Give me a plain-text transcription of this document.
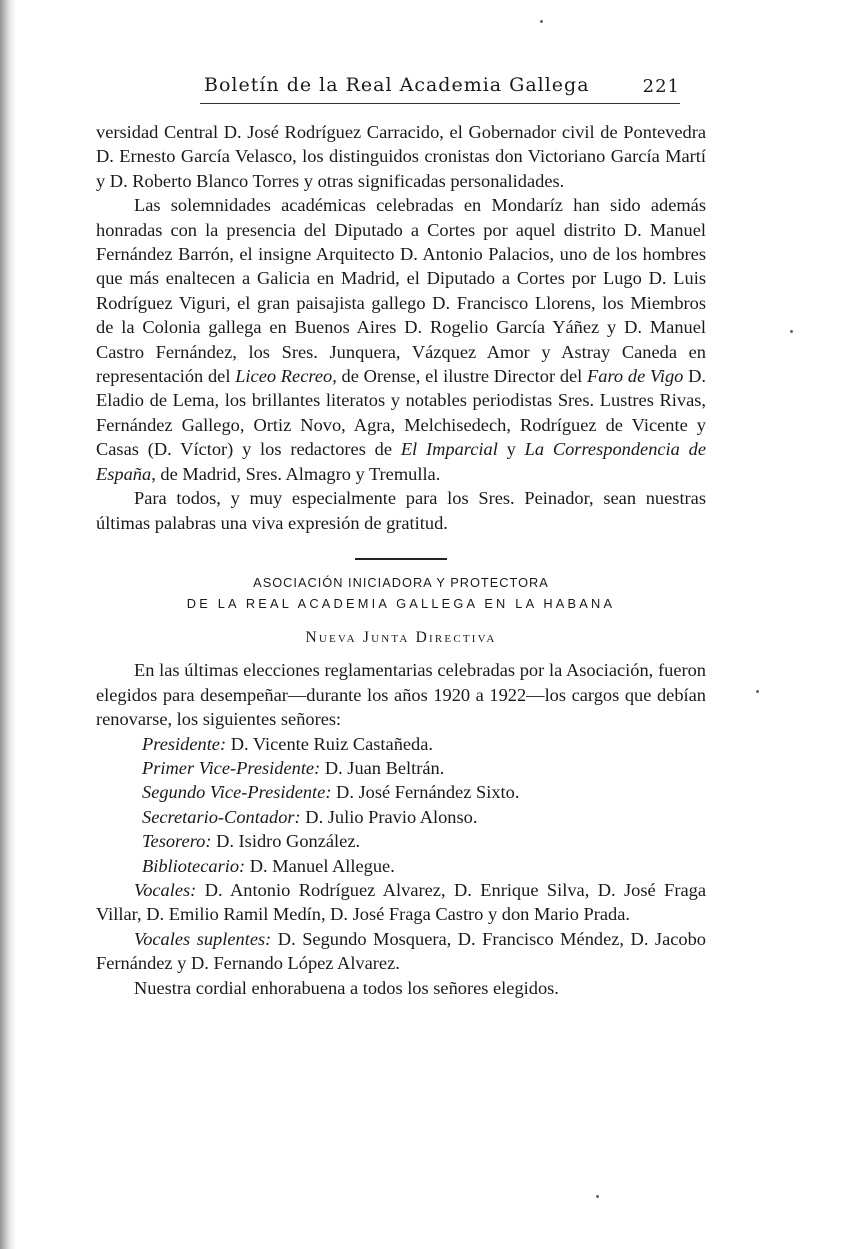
Boletín de la Real Academia Gallega	221

versidad Central D. José Rodríguez Carracido, el Gobernador civil de Pontevedra D. Ernesto García Velasco, los distinguidos cronistas don Victoriano García Martí y D. Roberto Blanco Torres y otras significadas personalidades.

Las solemnidades académicas celebradas en Mondaríz han sido además honradas con la presencia del Diputado a Cortes por aquel distrito D. Manuel Fernández Barrón, el insigne Arquitecto D. Antonio Palacios, uno de los hombres que más enaltecen a Galicia en Madrid, el Diputado a Cortes por Lugo D. Luis Rodríguez Viguri, el gran paisajista gallego D. Francisco Llorens, los Miembros de la Colonia gallega en Buenos Aires D. Rogelio García Yáñez y D. Manuel Castro Fernández, los Sres. Junquera, Vázquez Amor y Astray Caneda en representación del Liceo Recreo, de Orense, el ilustre Director del Faro de Vigo D. Eladio de Lema, los brillantes literatos y notables periodistas Sres. Lustres Rivas, Fernández Gallego, Ortiz Novo, Agra, Melchisedech, Rodríguez de Vicente y Casas (D. Víctor) y los redactores de El Imparcial y La Correspondencia de España, de Madrid, Sres. Almagro y Tremulla.

Para todos, y muy especialmente para los Sres. Peinador, sean nuestras últimas palabras una viva expresión de gratitud.

ASOCIACIÓN INICIADORA Y PROTECTORA

DE LA REAL ACADEMIA GALLEGA EN LA HABANA

Nueva Junta Directiva

En las últimas elecciones reglamentarias celebradas por la Asociación, fueron elegidos para desempeñar—durante los años 1920 a 1922—los cargos que debían renovarse, los siguientes señores:

Presidente: D. Vicente Ruiz Castañeda.

Primer Vice-Presidente: D. Juan Beltrán.

Segundo Vice-Presidente: D. José Fernández Sixto.

Secretario-Contador: D. Julio Pravio Alonso.

Tesorero: D. Isidro González.

Bibliotecario: D. Manuel Allegue.

Vocales: D. Antonio Rodríguez Alvarez, D. Enrique Silva, D. José Fraga Villar, D. Emilio Ramil Medín, D. José Fraga Castro y don Mario Prada.

Vocales suplentes: D. Segundo Mosquera, D. Francisco Méndez, D. Jacobo Fernández y D. Fernando López Alvarez.

Nuestra cordial enhorabuena a todos los señores elegidos.
